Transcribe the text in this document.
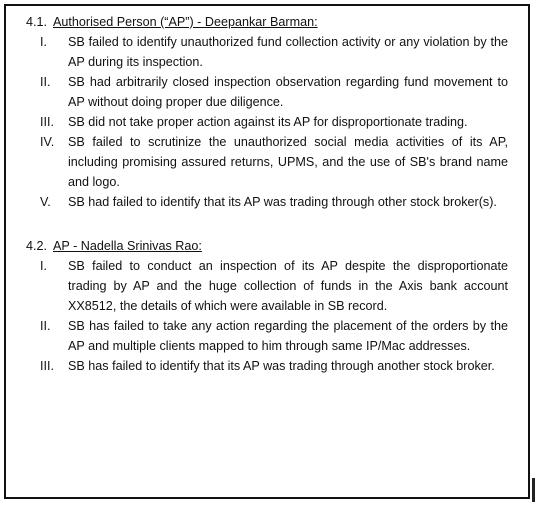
4.1. Authorised Person (“AP”) - Deepankar Barman:
I.	SB failed to identify unauthorized fund collection activity or any violation by the AP during its inspection.
II.	SB had arbitrarily closed inspection observation regarding fund movement to AP without doing proper due diligence.
III.	SB did not take proper action against its AP for disproportionate trading.
IV.	SB failed to scrutinize the unauthorized social media activities of its AP, including promising assured returns, UPMS, and the use of SB's brand name and logo.
V.	SB had failed to identify that its AP was trading through other stock broker(s).
4.2. AP - Nadella Srinivas Rao:
I.	SB failed to conduct an inspection of its AP despite the disproportionate trading by AP and the huge collection of funds in the Axis bank account XX8512, the details of which were available in SB record.
II.	SB has failed to take any action regarding the placement of the orders by the AP and multiple clients mapped to him through same IP/Mac addresses.
III.	SB has failed to identify that its AP was trading through another stock broker.
